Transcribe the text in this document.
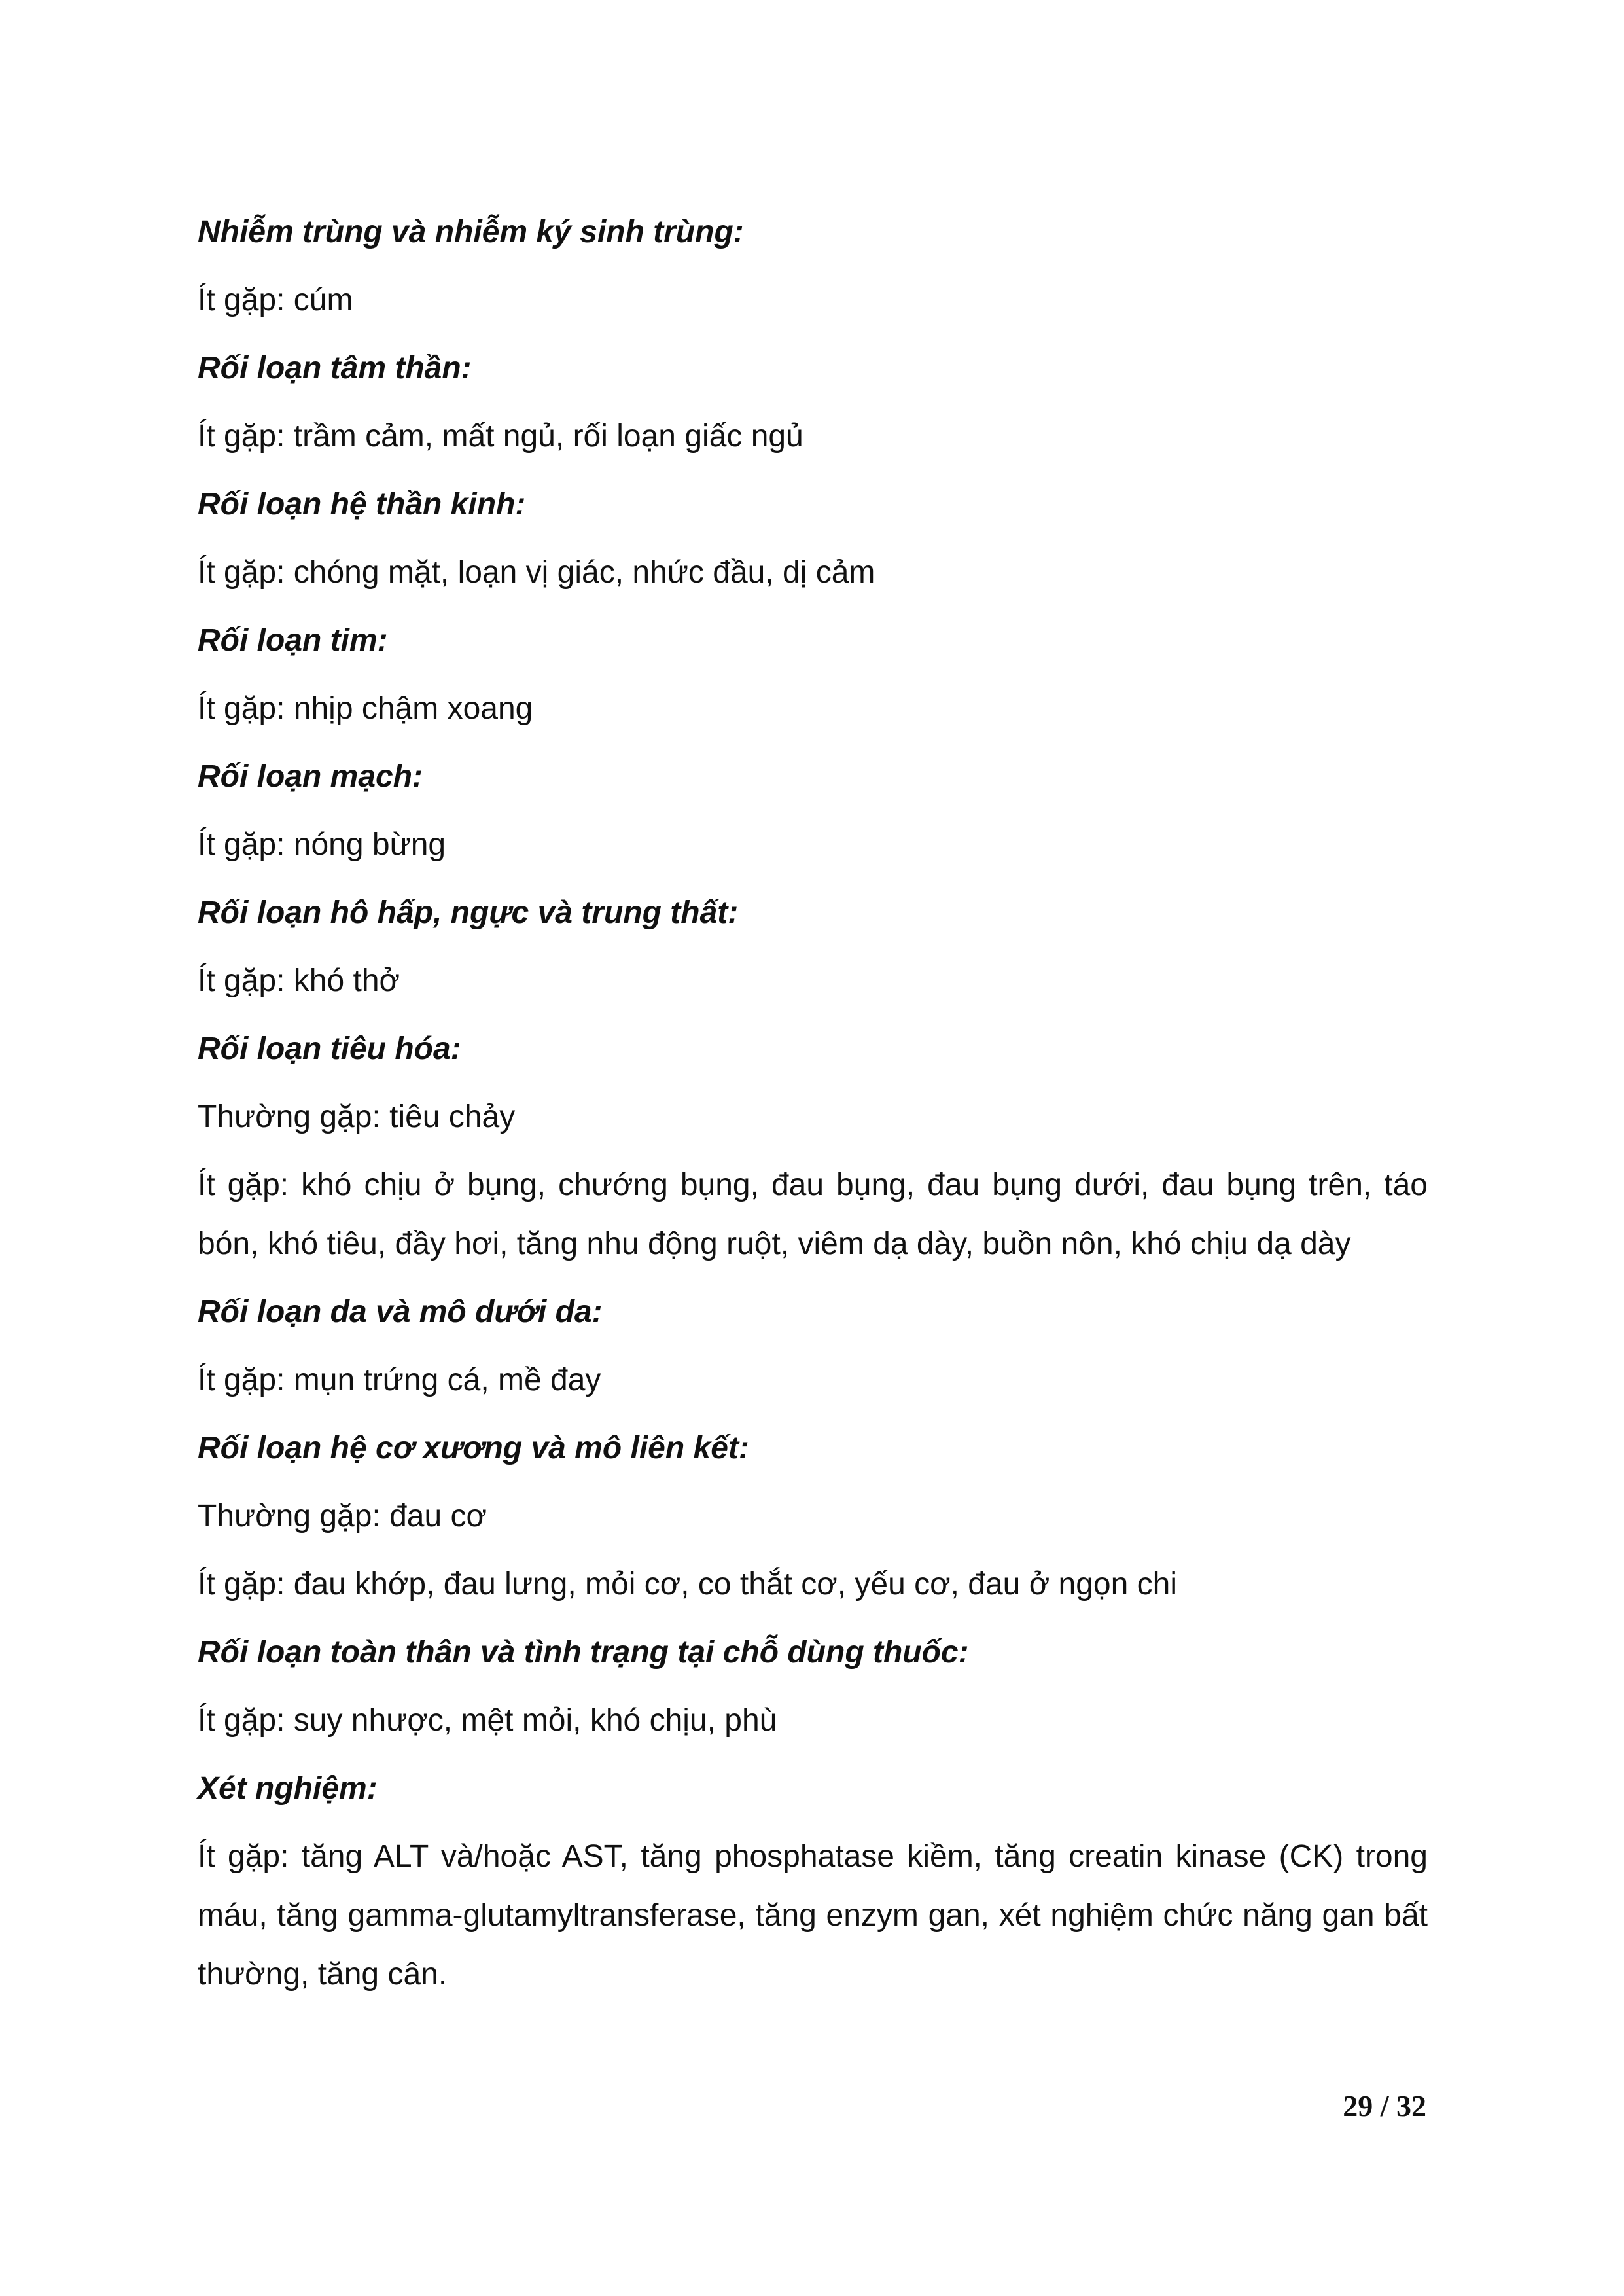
Nhiễm trùng và nhiễm ký sinh trùng:
Ít gặp: cúm
Rối loạn tâm thần:
Ít gặp: trầm cảm, mất ngủ, rối loạn giấc ngủ
Rối loạn hệ thần kinh:
Ít gặp: chóng mặt, loạn vị giác, nhức đầu, dị cảm
Rối loạn tim:
Ít gặp: nhịp chậm xoang
Rối loạn mạch:
Ít gặp: nóng bừng
Rối loạn hô hấp, ngực và trung thất:
Ít gặp: khó thở
Rối loạn tiêu hóa:
Thường gặp: tiêu chảy
Ít gặp: khó chịu ở bụng, chướng bụng, đau bụng, đau bụng dưới, đau bụng trên, táo bón, khó tiêu, đầy hơi, tăng nhu động ruột, viêm dạ dày, buồn nôn, khó chịu dạ dày
Rối loạn da và mô dưới da:
Ít gặp: mụn trứng cá, mề đay
Rối loạn hệ cơ xương và mô liên kết:
Thường gặp: đau cơ
Ít gặp: đau khớp, đau lưng, mỏi cơ, co thắt cơ, yếu cơ, đau ở ngọn chi
Rối loạn toàn thân và tình trạng tại chỗ dùng thuốc:
Ít gặp: suy nhược, mệt mỏi, khó chịu, phù
Xét nghiệm:
Ít gặp: tăng ALT và/hoặc AST, tăng phosphatase kiềm, tăng creatin kinase (CK) trong máu, tăng gamma-glutamyltransferase, tăng enzym gan, xét nghiệm chức năng gan bất thường, tăng cân.
29 / 32
